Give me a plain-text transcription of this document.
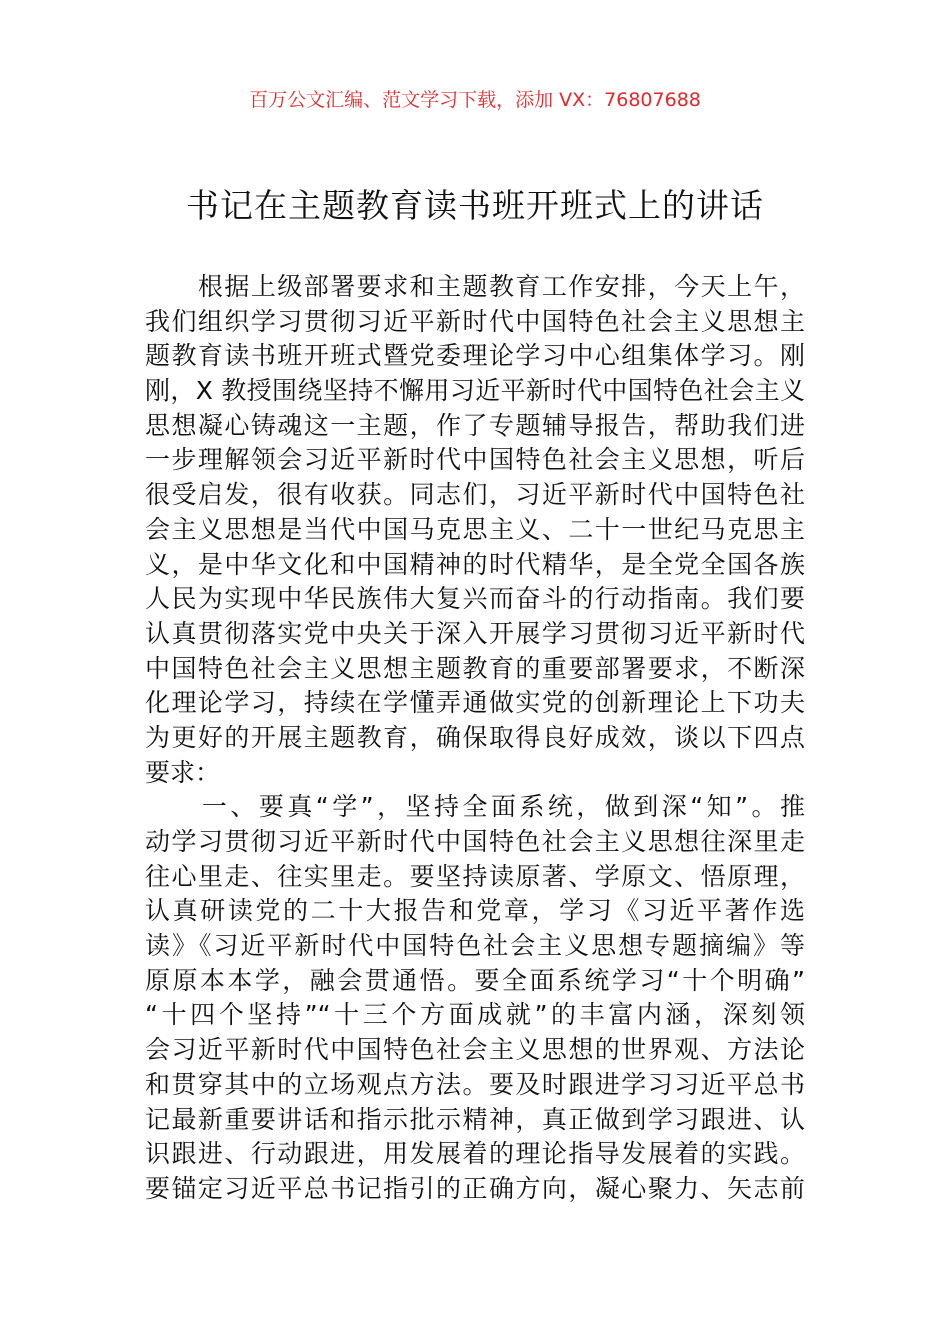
百万公文汇编、范文学习下载，添加 VX：76807688
书记在主题教育读书班开班式上的讲话
　　根据上级部署要求和主题教育工作安排，今天上午，
我们组织学习贯彻习近平新时代中国特色社会主义思想主
题教育读书班开班式暨党委理论学习中心组集体学习。刚
刚，X 教授围绕坚持不懈用习近平新时代中国特色社会主义
思想凝心铸魂这一主题，作了专题辅导报告，帮助我们进
一步理解领会习近平新时代中国特色社会主义思想，听后
很受启发，很有收获。同志们，习近平新时代中国特色社
会主义思想是当代中国马克思主义、二十一世纪马克思主
义，是中华文化和中国精神的时代精华，是全党全国各族
人民为实现中华民族伟大复兴而奋斗的行动指南。我们要
认真贯彻落实党中央关于深入开展学习贯彻习近平新时代
中国特色社会主义思想主题教育的重要部署要求，不断深
化理论学习，持续在学懂弄通做实党的创新理论上下功夫
为更好的开展主题教育，确保取得良好成效，谈以下四点
要求：
　　一、要真“学”，坚持全面系统，做到深“知”。推
动学习贯彻习近平新时代中国特色社会主义思想往深里走
往心里走、往实里走。要坚持读原著、学原文、悟原理，
认真研读党的二十大报告和党章，学习《习近平著作选
读》《习近平新时代中国特色社会主义思想专题摘编》等
原原本本学，融会贯通悟。要全面系统学习“十个明确”
“十四个坚持”“十三个方面成就”的丰富内涵，深刻领
会习近平新时代中国特色社会主义思想的世界观、方法论
和贯穿其中的立场观点方法。要及时跟进学习习近平总书
记最新重要讲话和指示批示精神，真正做到学习跟进、认
识跟进、行动跟进，用发展着的理论指导发展着的实践。
要锚定习近平总书记指引的正确方向，凝心聚力、矢志前
